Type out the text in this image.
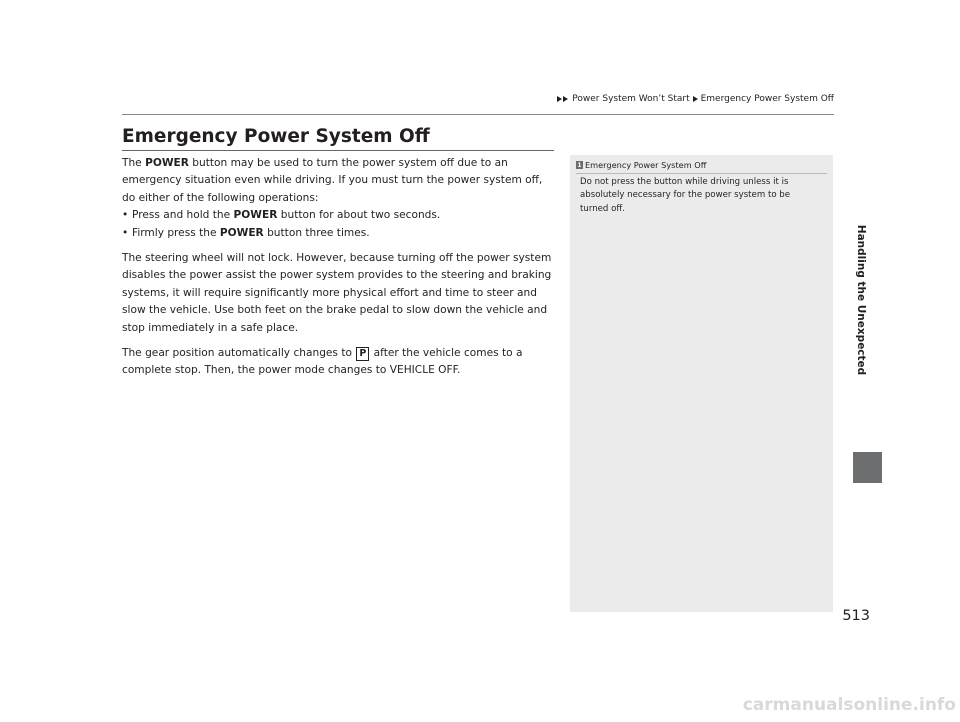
Power System Won’t Start Emergency Power System Off
Emergency Power System Off

The POWER button may be used to turn the power system off due to an emergency situation even while driving. If you must turn the power system off, do either of the following operations:

• Press and hold the POWER button for about two seconds.
• Firmly press the POWER button three times.

The steering wheel will not lock. However, because turning off the power system disables the power assist the power system provides to the steering and braking systems, it will require significantly more physical effort and time to steer and slow the vehicle. Use both feet on the brake pedal to slow down the vehicle and stop immediately in a safe place.

The gear position automatically changes to P after the vehicle comes to a complete stop. Then, the power mode changes to VEHICLE OFF.

1 Emergency Power System Off

Do not press the button while driving unless it is absolutely necessary for the power system to be turned off.

Handling the Unexpected
513
carmanualsonline.info
